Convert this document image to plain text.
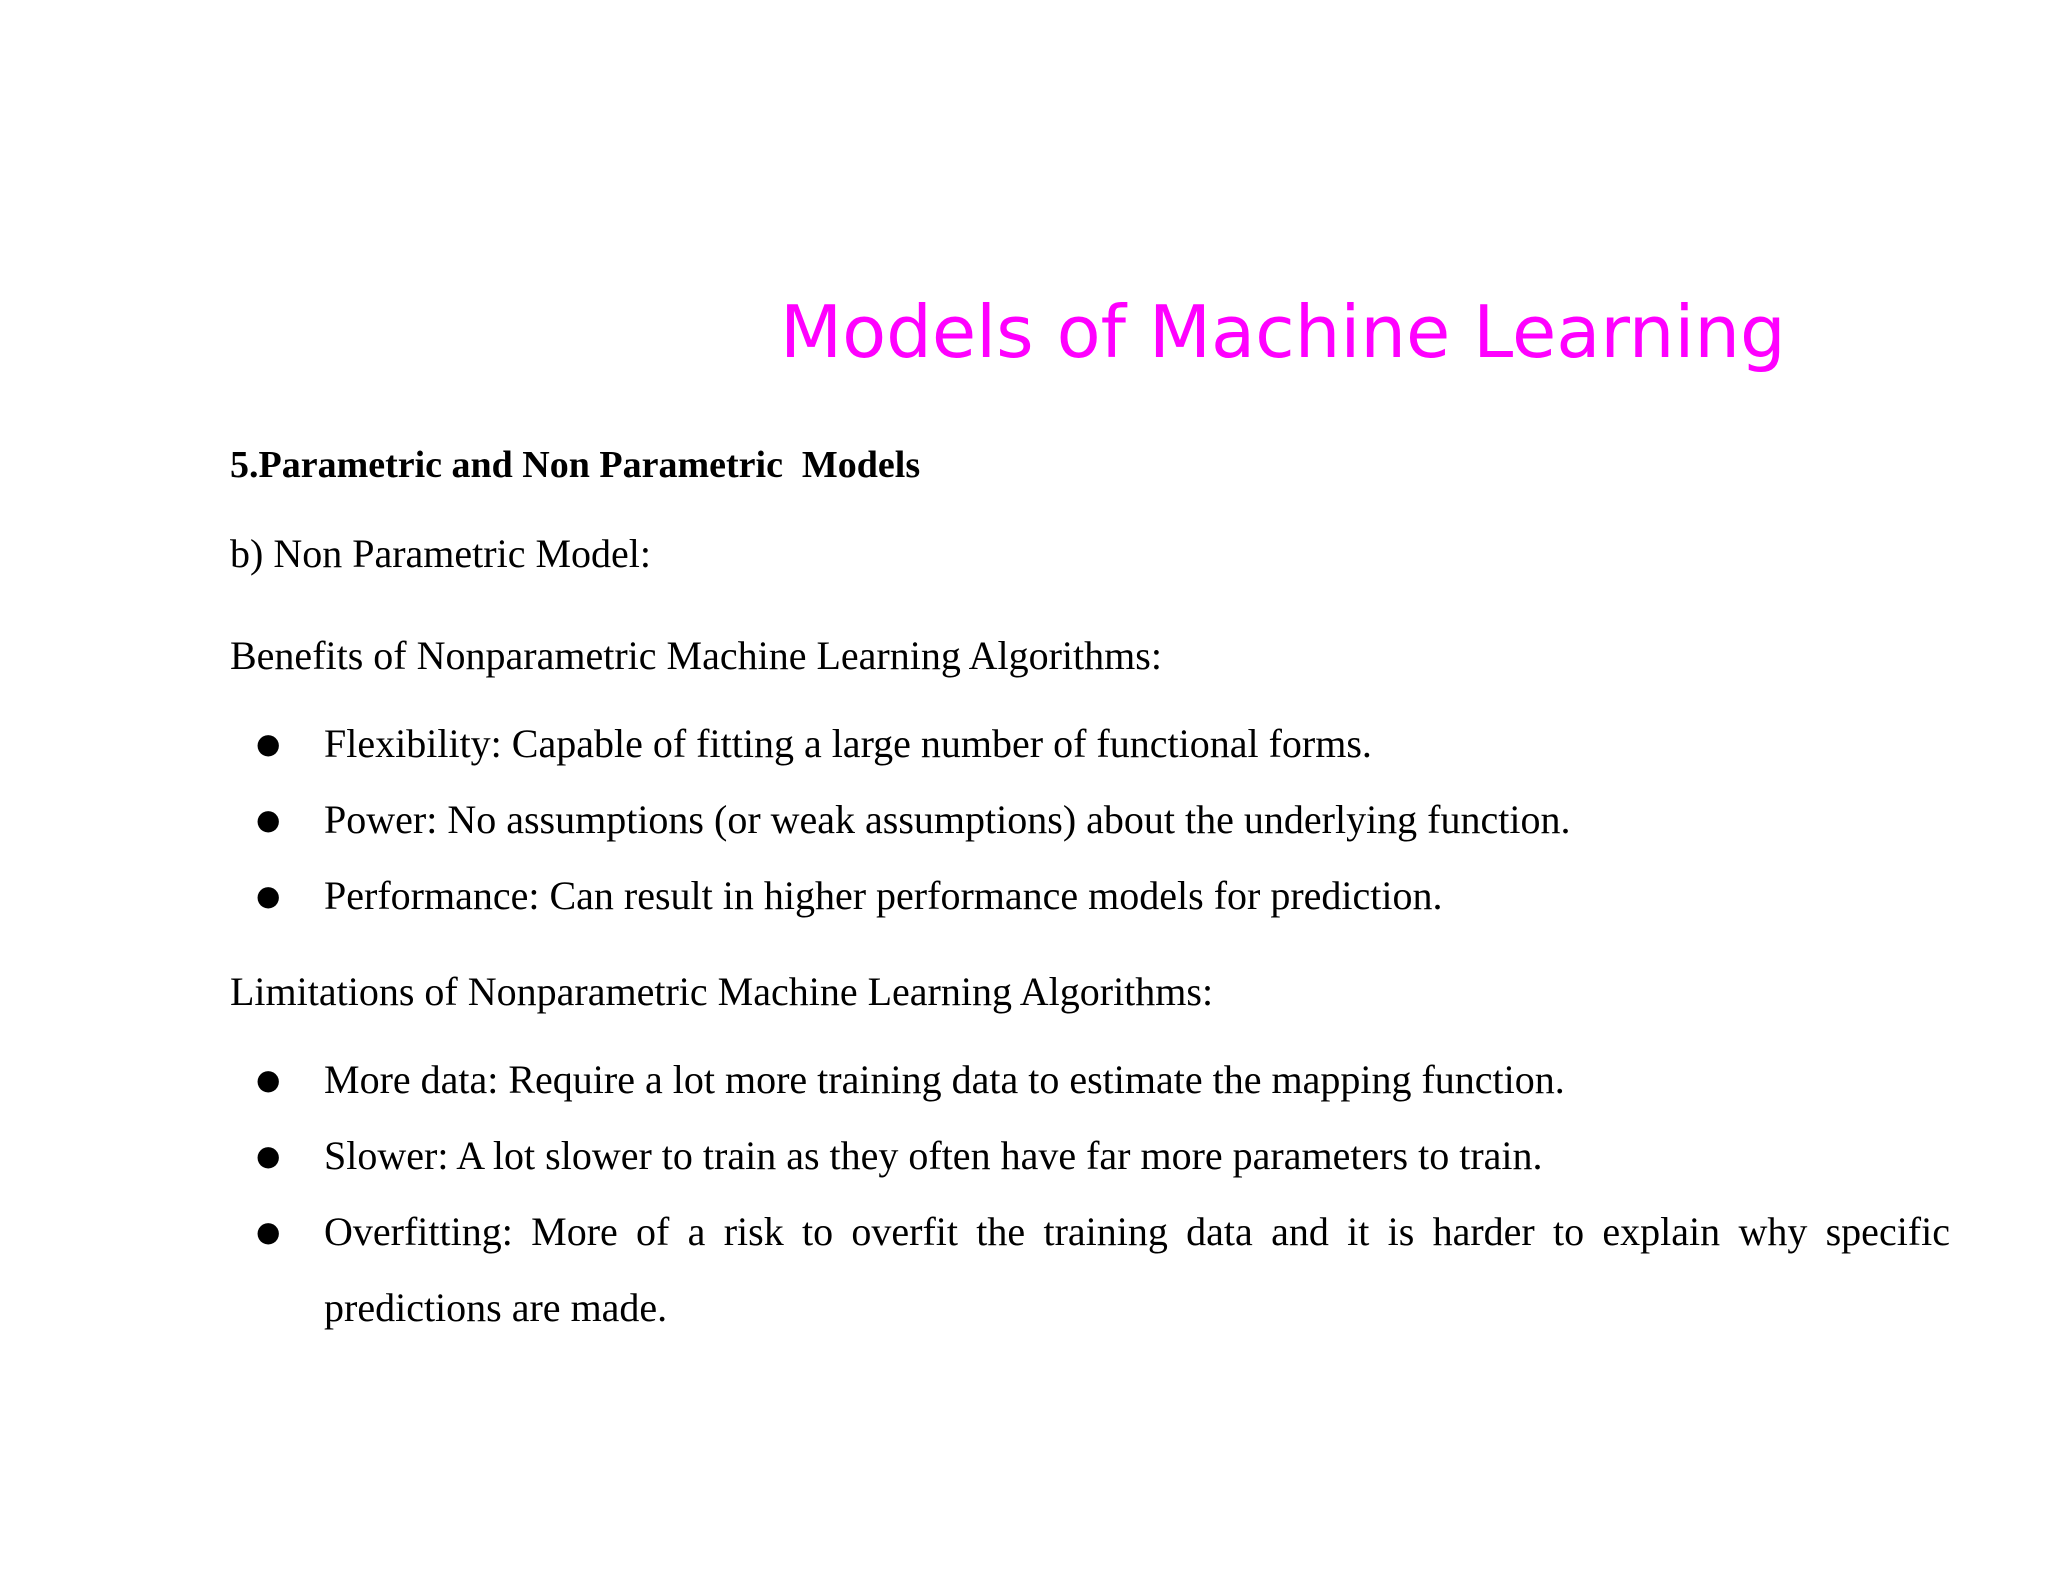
Models of Machine Learning
5.Parametric and Non Parametric  Models
b) Non Parametric Model:
Benefits of Nonparametric Machine Learning Algorithms:
● Flexibility: Capable of fitting a large number of functional forms.
● Power: No assumptions (or weak assumptions) about the underlying function.
● Performance: Can result in higher performance models for prediction.
Limitations of Nonparametric Machine Learning Algorithms:
● More data: Require a lot more training data to estimate the mapping function.
● Slower: A lot slower to train as they often have far more parameters to train.
● Overfitting: More of a risk to overfit the training data and it is harder to explain why specific predictions are made.
